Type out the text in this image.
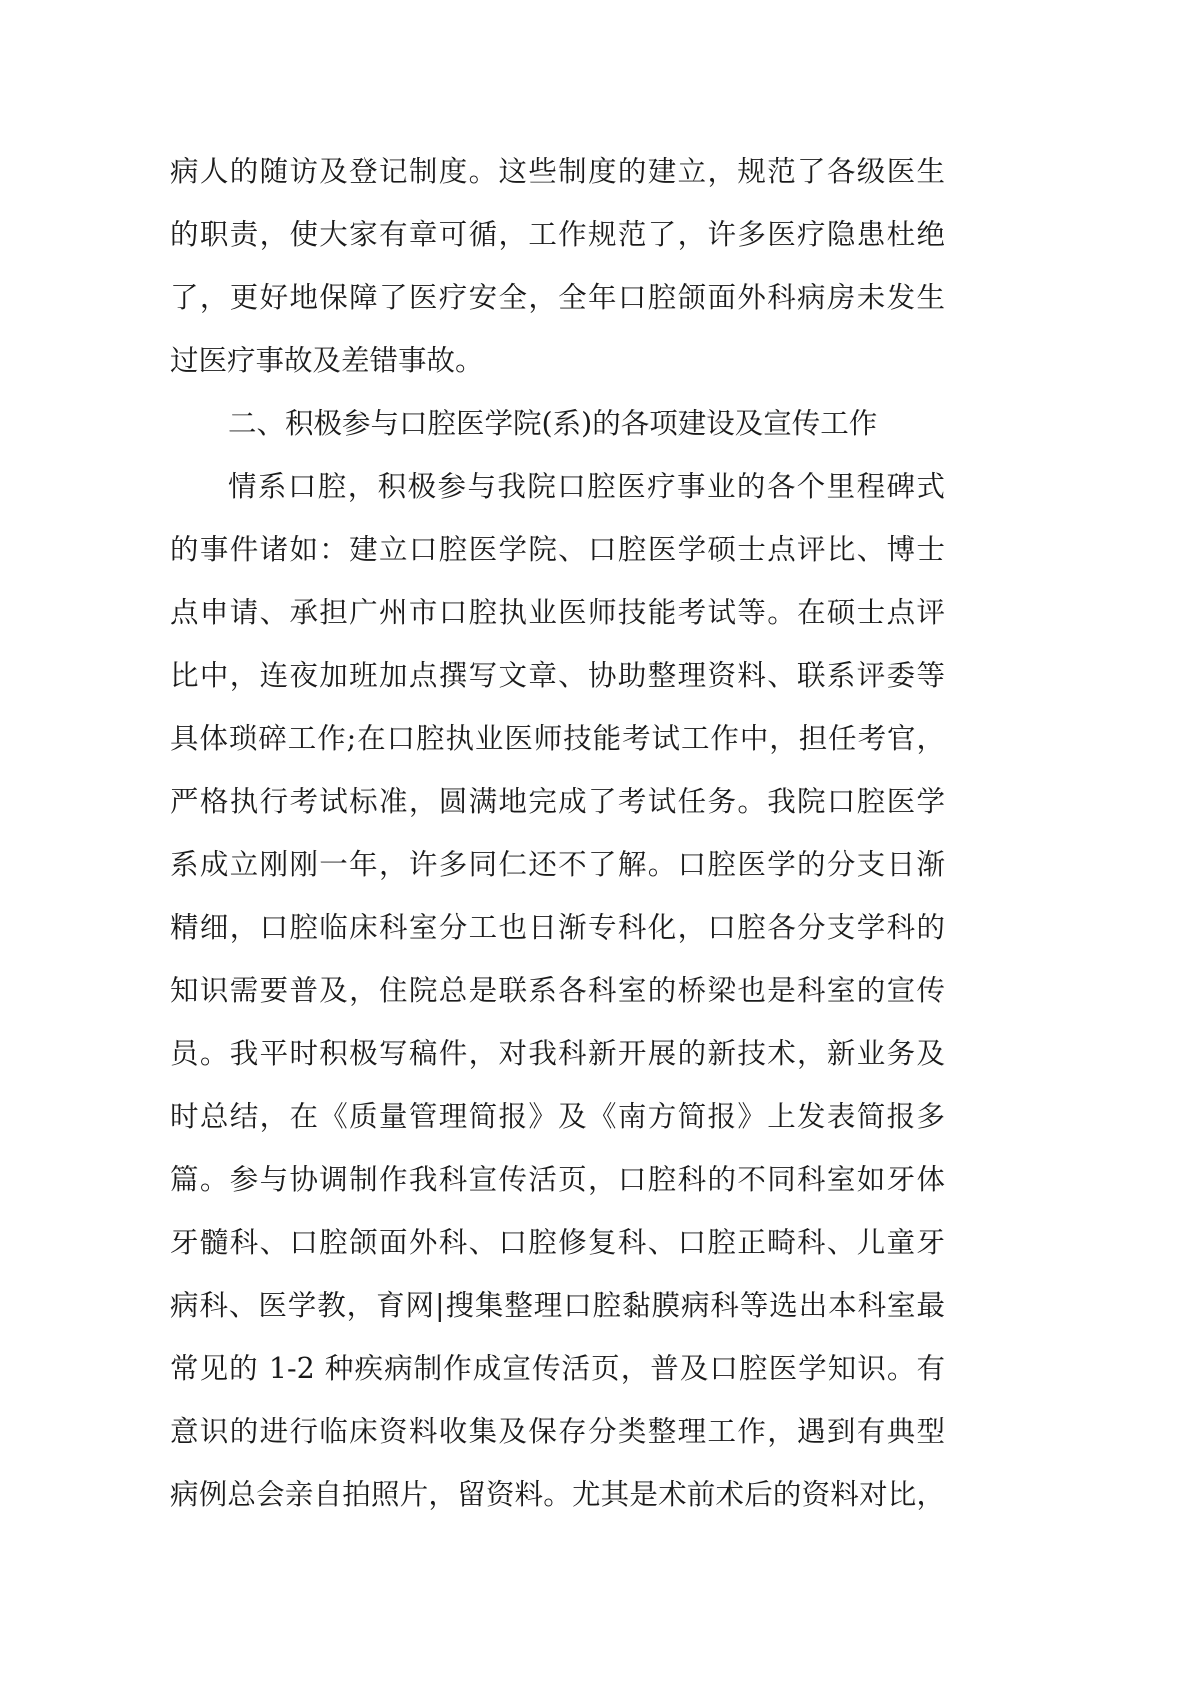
病人的随访及登记制度。这些制度的建立，规范了各级医生
的职责，使大家有章可循，工作规范了，许多医疗隐患杜绝
了，更好地保障了医疗安全，全年口腔颌面外科病房未发生
过医疗事故及差错事故。
二、积极参与口腔医学院(系)的各项建设及宣传工作
情系口腔，积极参与我院口腔医疗事业的各个里程碑式
的事件诸如：建立口腔医学院、口腔医学硕士点评比、博士
点申请、承担广州市口腔执业医师技能考试等。在硕士点评
比中，连夜加班加点撰写文章、协助整理资料、联系评委等
具体琐碎工作;在口腔执业医师技能考试工作中，担任考官，
严格执行考试标准，圆满地完成了考试任务。我院口腔医学
系成立刚刚一年，许多同仁还不了解。口腔医学的分支日渐
精细，口腔临床科室分工也日渐专科化，口腔各分支学科的
知识需要普及，住院总是联系各科室的桥梁也是科室的宣传
员。我平时积极写稿件，对我科新开展的新技术，新业务及
时总结，在《质量管理简报》及《南方简报》上发表简报多
篇。参与协调制作我科宣传活页，口腔科的不同科室如牙体
牙髓科、口腔颌面外科、口腔修复科、口腔正畸科、儿童牙
病科、医学教，育网|搜集整理口腔黏膜病科等选出本科室最
常见的 1-2 种疾病制作成宣传活页，普及口腔医学知识。有
意识的进行临床资料收集及保存分类整理工作，遇到有典型
病例总会亲自拍照片，留资料。尤其是术前术后的资料对比，
